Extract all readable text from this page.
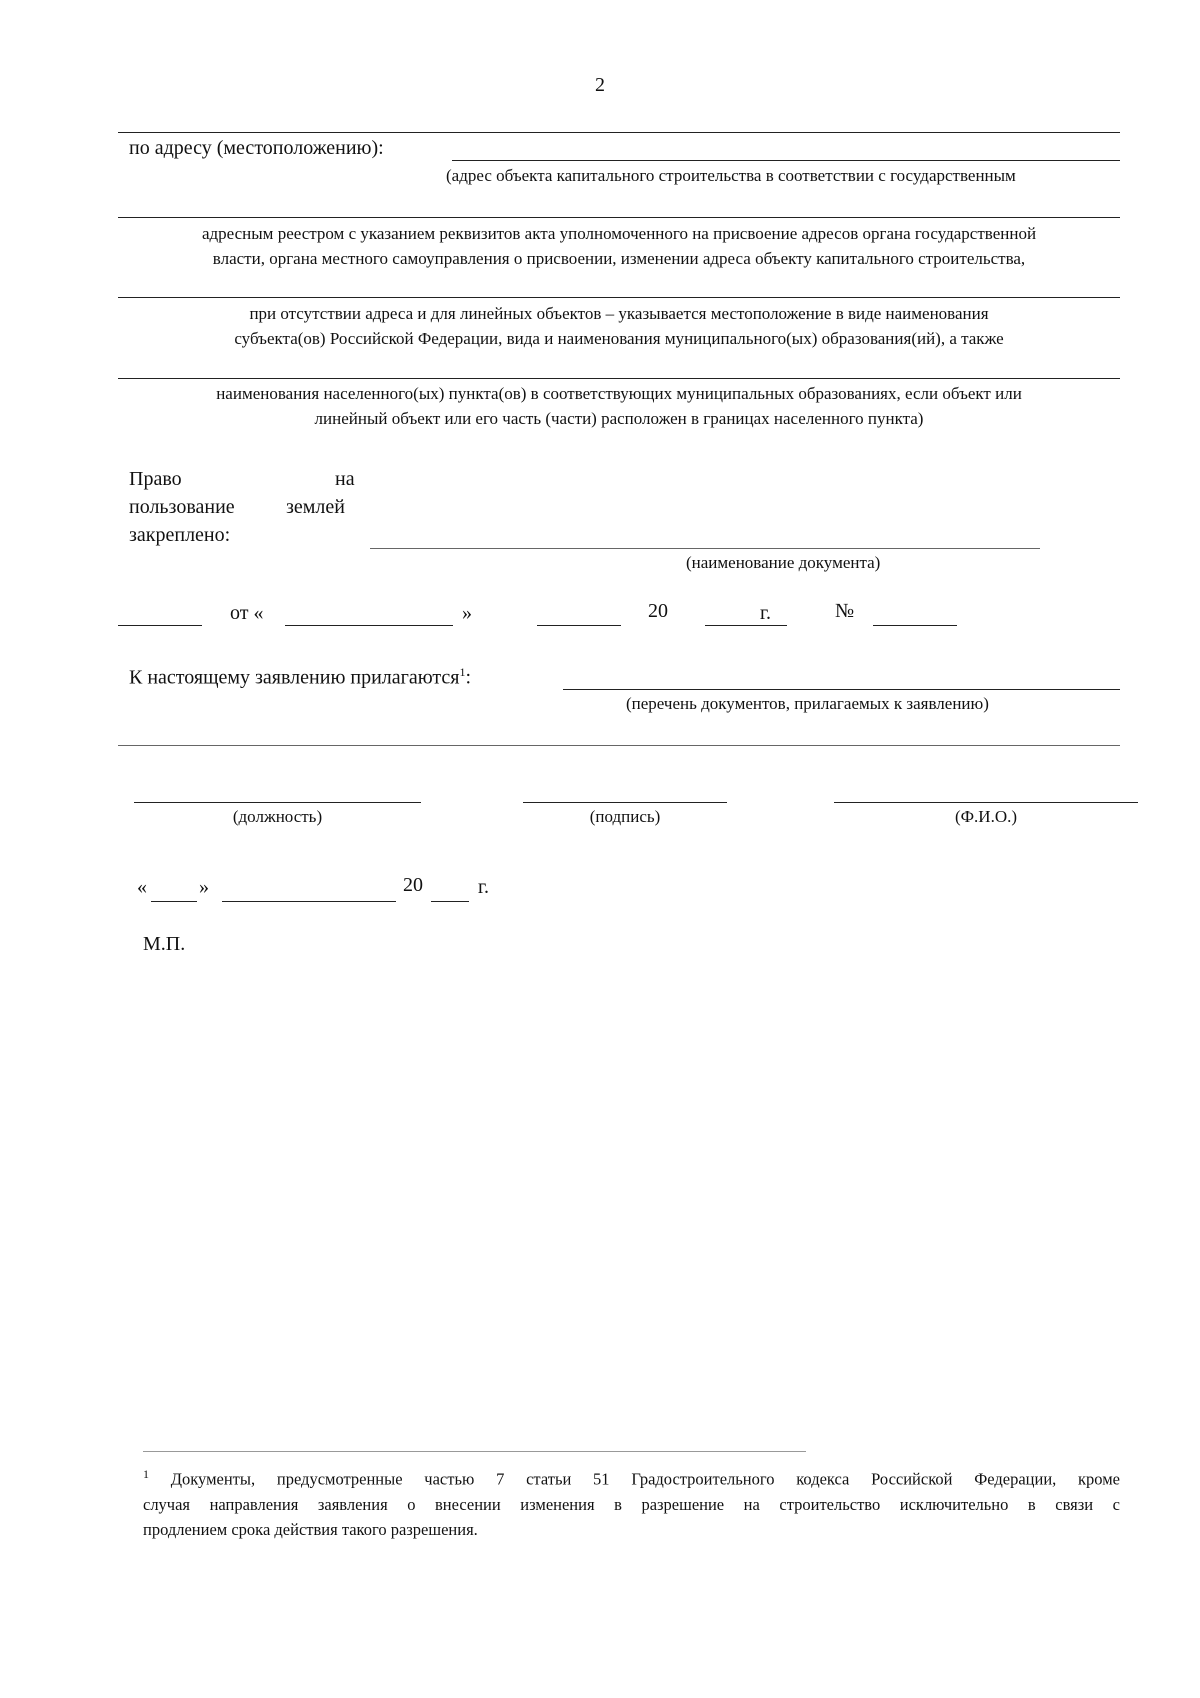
2
по адресу (местоположению):
(адрес объекта капитального строительства в соответствии с государственным
адресным реестром с указанием реквизитов акта уполномоченного на присвоение адресов органа государственной
власти, органа местного самоуправления о присвоении, изменении адреса объекту капитального строительства,
при отсутствии адреса и для линейных объектов – указывается местоположение в виде наименования
субъекта(ов) Российской Федерации, вида и наименования муниципального(ых) образования(ий), а также
наименования населенного(ых) пункта(ов) в соответствующих муниципальных образованиях, если объект или
линейный объект или его часть (части) расположен в границах населенного пункта)
Право	на
пользование	землей
закреплено:
(наименование документа)
от «	»	20	г.	№
К настоящему заявлению прилагаются$^1$:
(перечень документов, прилагаемых к заявлению)
(должность)	(подпись)	(Ф.И.О.)
«	»	20	г.
М.П.
$^1$ Документы, предусмотренные частью 7 статьи 51 Градостроительного кодекса Российской Федерации, кроме
случая направления заявления о внесении изменения в разрешение на строительство исключительно в связи с
продлением срока действия такого разрешения.
